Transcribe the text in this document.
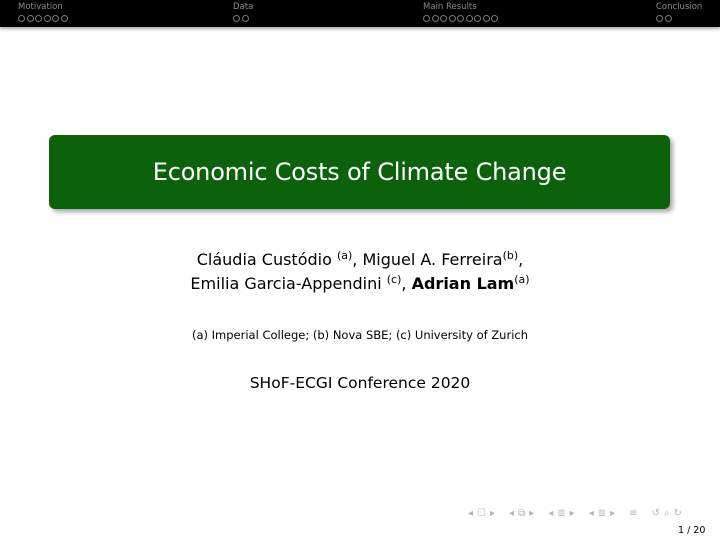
Motivation	Data	Main Results	Conclusion
Economic Costs of Climate Change
Cláudia Custódio $^{(a)}$, Miguel A. Ferreira$^{(b)}$,
Emilia Garcia-Appendini $^{(c)}$, Adrian Lam$^{(a)}$
(a) Imperial College; (b) Nova SBE; (c) University of Zurich
SHoF-ECGI Conference 2020
◂ ☐ ▸ ◂ ⧉ ▸ ◂ ≣ ▸ ◂ ≣ ▸ ≡ ↺ ⌕ ↻
1 / 20
